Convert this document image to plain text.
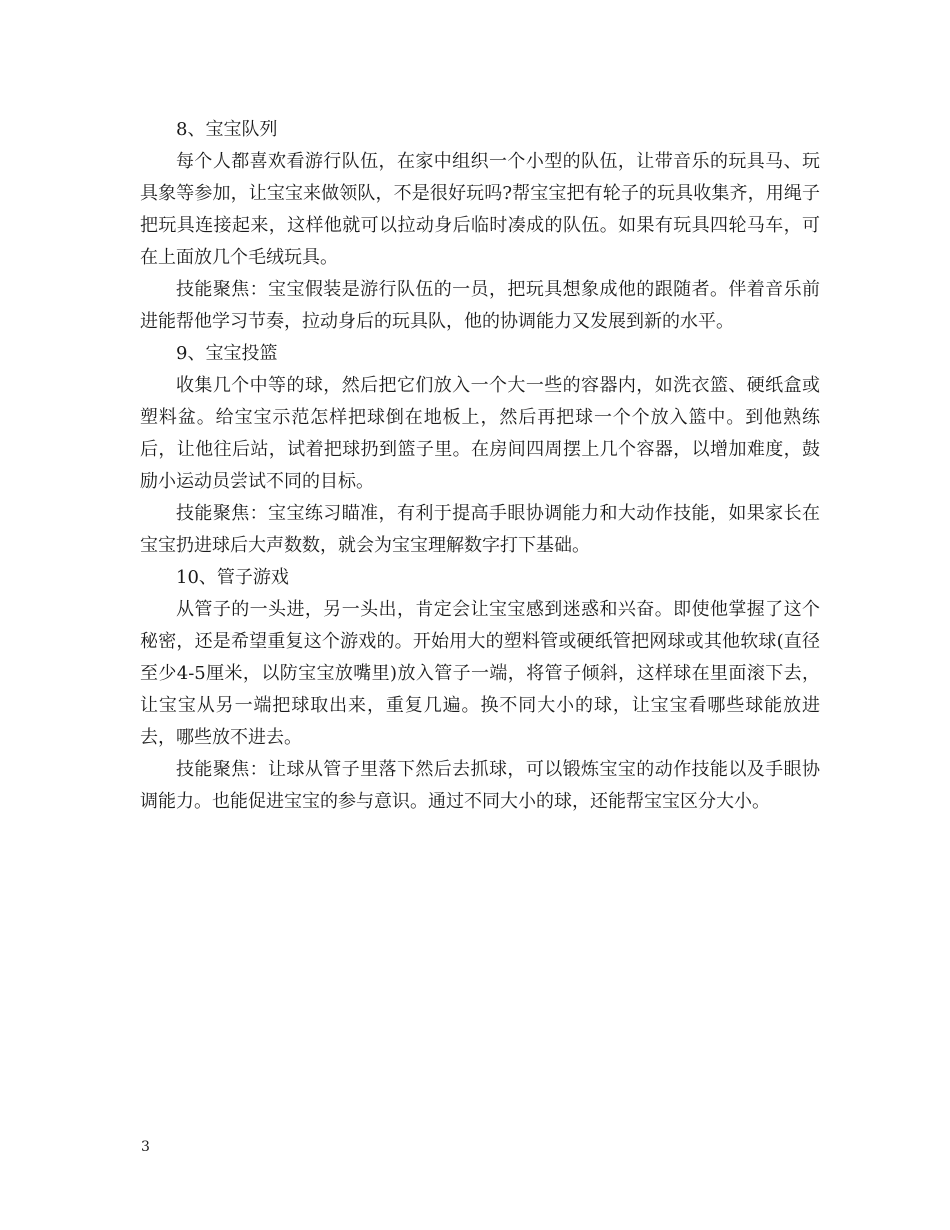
8、宝宝队列

每个人都喜欢看游行队伍，在家中组织一个小型的队伍，让带音乐的玩具马、玩具象等参加，让宝宝来做领队，不是很好玩吗?帮宝宝把有轮子的玩具收集齐，用绳子把玩具连接起来，这样他就可以拉动身后临时凑成的队伍。如果有玩具四轮马车，可在上面放几个毛绒玩具。

技能聚焦：宝宝假装是游行队伍的一员，把玩具想象成他的跟随者。伴着音乐前进能帮他学习节奏，拉动身后的玩具队，他的协调能力又发展到新的水平。

9、宝宝投篮

收集几个中等的球，然后把它们放入一个大一些的容器内，如洗衣篮、硬纸盒或塑料盆。给宝宝示范怎样把球倒在地板上，然后再把球一个个放入篮中。到他熟练后，让他往后站，试着把球扔到篮子里。在房间四周摆上几个容器，以增加难度，鼓励小运动员尝试不同的目标。

技能聚焦：宝宝练习瞄准，有利于提高手眼协调能力和大动作技能，如果家长在宝宝扔进球后大声数数，就会为宝宝理解数字打下基础。

10、管子游戏

从管子的一头进，另一头出，肯定会让宝宝感到迷惑和兴奋。即使他掌握了这个秘密，还是希望重复这个游戏的。开始用大的塑料管或硬纸管把网球或其他软球(直径至少4-5厘米，以防宝宝放嘴里)放入管子一端，将管子倾斜，这样球在里面滚下去，让宝宝从另一端把球取出来，重复几遍。换不同大小的球，让宝宝看哪些球能放进去，哪些放不进去。

技能聚焦：让球从管子里落下然后去抓球，可以锻炼宝宝的动作技能以及手眼协调能力。也能促进宝宝的参与意识。通过不同大小的球，还能帮宝宝区分大小。

3
